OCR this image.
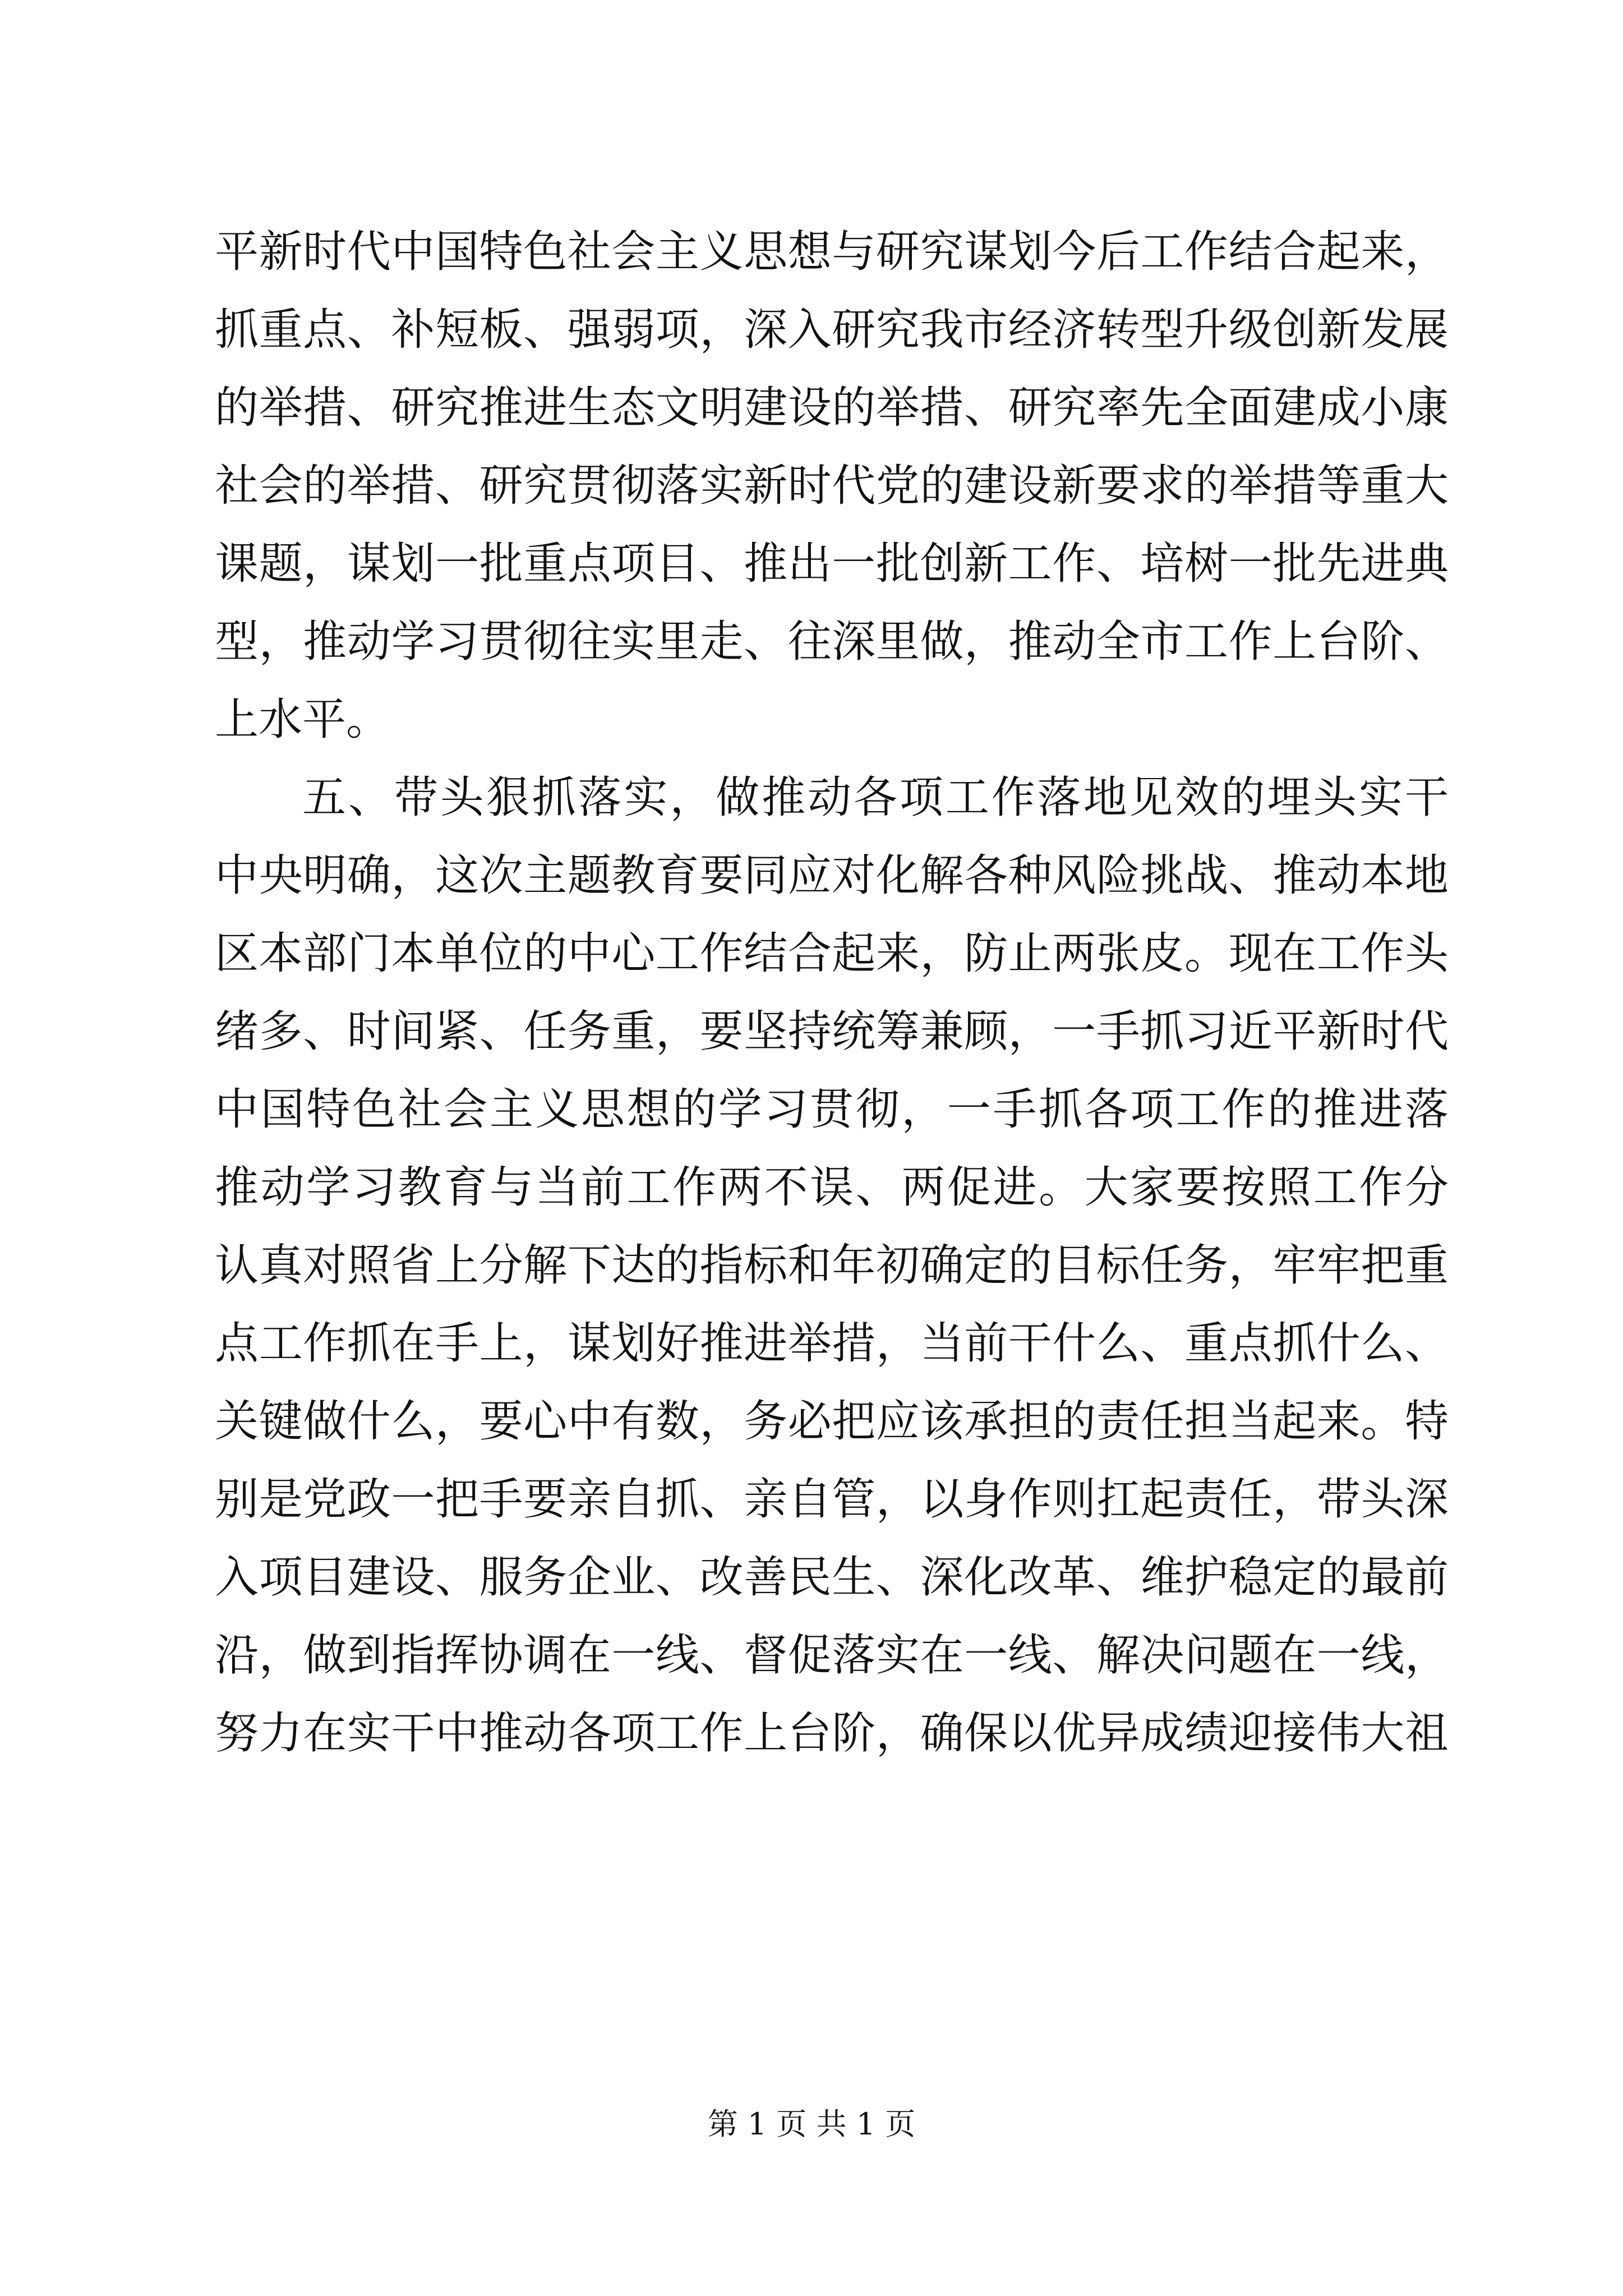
平新时代中国特色社会主义思想与研究谋划今后工作结合起来，
抓重点、补短板、强弱项，深入研究我市经济转型升级创新发展
的举措、研究推进生态文明建设的举措、研究率先全面建成小康
社会的举措、研究贯彻落实新时代党的建设新要求的举措等重大
课题，谋划一批重点项目、推出一批创新工作、培树一批先进典
型，推动学习贯彻往实里走、往深里做，推动全市工作上台阶、
上水平。
五、带头狠抓落实，做推动各项工作落地见效的埋头实干
中央明确，这次主题教育要同应对化解各种风险挑战、推动本地
区本部门本单位的中心工作结合起来，防止两张皮。现在工作头
绪多、时间紧、任务重，要坚持统筹兼顾，一手抓习近平新时代
中国特色社会主义思想的学习贯彻，一手抓各项工作的推进落
推动学习教育与当前工作两不误、两促进。大家要按照工作分
认真对照省上分解下达的指标和年初确定的目标任务，牢牢把重
点工作抓在手上，谋划好推进举措，当前干什么、重点抓什么、
关键做什么，要心中有数，务必把应该承担的责任担当起来。特
别是党政一把手要亲自抓、亲自管，以身作则扛起责任，带头深
入项目建设、服务企业、改善民生、深化改革、维护稳定的最前
沿，做到指挥协调在一线、督促落实在一线、解决问题在一线，
努力在实干中推动各项工作上台阶，确保以优异成绩迎接伟大祖
第 1 页 共 1 页
